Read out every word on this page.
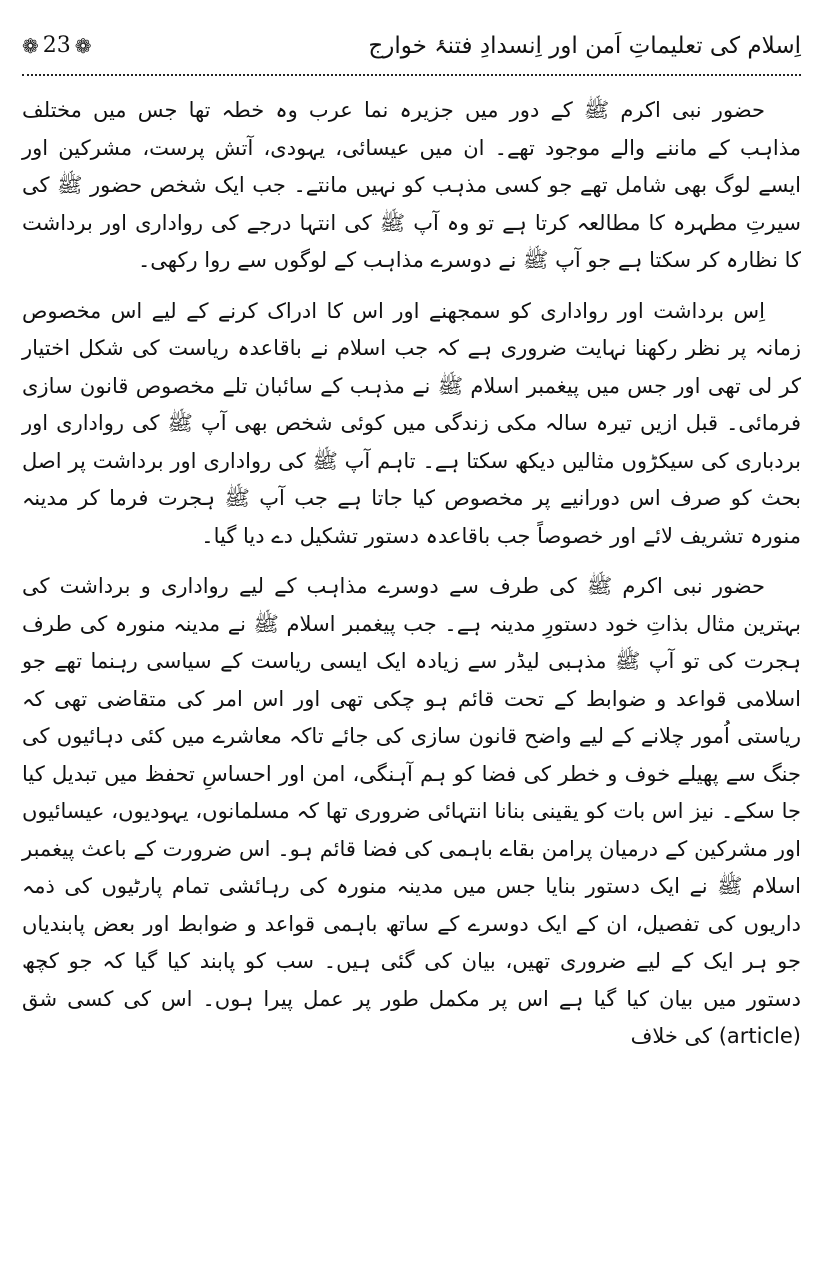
❁ 23 ❁	اِسلام کی تعلیماتِ اَمن اور اِنسدادِ فتنۂ خوارج

حضور نبی اکرم ﷺ کے دور میں جزیرہ نما عرب وہ خطہ تھا جس میں مختلف مذاہب کے ماننے والے موجود تھے۔ ان میں عیسائی، یہودی، آتش پرست، مشرکین اور ایسے لوگ بھی شامل تھے جو کسی مذہب کو نہیں مانتے۔ جب ایک شخص حضور ﷺ کی سیرتِ مطہرہ کا مطالعہ کرتا ہے تو وہ آپ ﷺ کی انتہا درجے کی رواداری اور برداشت کا نظارہ کر سکتا ہے جو آپ ﷺ نے دوسرے مذاہب کے لوگوں سے روا رکھی۔

اِس برداشت اور رواداری کو سمجھنے اور اس کا ادراک کرنے کے لیے اس مخصوص زمانہ پر نظر رکھنا نہایت ضروری ہے کہ جب اسلام نے باقاعدہ ریاست کی شکل اختیار کر لی تھی اور جس میں پیغمبر اسلام ﷺ نے مذہب کے سائبان تلے مخصوص قانون سازی فرمائی۔ قبل ازیں تیرہ سالہ مکی زندگی میں کوئی شخص بھی آپ ﷺ کی رواداری اور بردباری کی سیکڑوں مثالیں دیکھ سکتا ہے۔ تاہم آپ ﷺ کی رواداری اور برداشت پر اصل بحث کو صرف اس دورانیے پر مخصوص کیا جاتا ہے جب آپ ﷺ ہجرت فرما کر مدینہ منورہ تشریف لائے اور خصوصاً جب باقاعدہ دستور تشکیل دے دیا گیا۔

حضور نبی اکرم ﷺ کی طرف سے دوسرے مذاہب کے لیے رواداری و برداشت کی بہترین مثال بذاتِ خود دستورِ مدینہ ہے۔ جب پیغمبر اسلام ﷺ نے مدینہ منورہ کی طرف ہجرت کی تو آپ ﷺ مذہبی لیڈر سے زیادہ ایک ایسی ریاست کے سیاسی رہنما تھے جو اسلامی قواعد و ضوابط کے تحت قائم ہو چکی تھی اور اس امر کی متقاضی تھی کہ ریاستی اُمور چلانے کے لیے واضح قانون سازی کی جائے تاکہ معاشرے میں کئی دہائیوں کی جنگ سے پھیلے خوف و خطر کی فضا کو ہم آہنگی، امن اور احساسِ تحفظ میں تبدیل کیا جا سکے۔ نیز اس بات کو یقینی بنانا انتہائی ضروری تھا کہ مسلمانوں، یہودیوں، عیسائیوں اور مشرکین کے درمیان پرامن بقاے باہمی کی فضا قائم ہو۔ اس ضرورت کے باعث پیغمبر اسلام ﷺ نے ایک دستور بنایا جس میں مدینہ منورہ کی رہائشی تمام پارٹیوں کی ذمہ داریوں کی تفصیل، ان کے ایک دوسرے کے ساتھ باہمی قواعد و ضوابط اور بعض پابندیاں جو ہر ایک کے لیے ضروری تھیں، بیان کی گئی ہیں۔ سب کو پابند کیا گیا کہ جو کچھ دستور میں بیان کیا گیا ہے اس پر مکمل طور پر عمل پیرا ہوں۔ اس کی کسی شق (article) کی خلاف
